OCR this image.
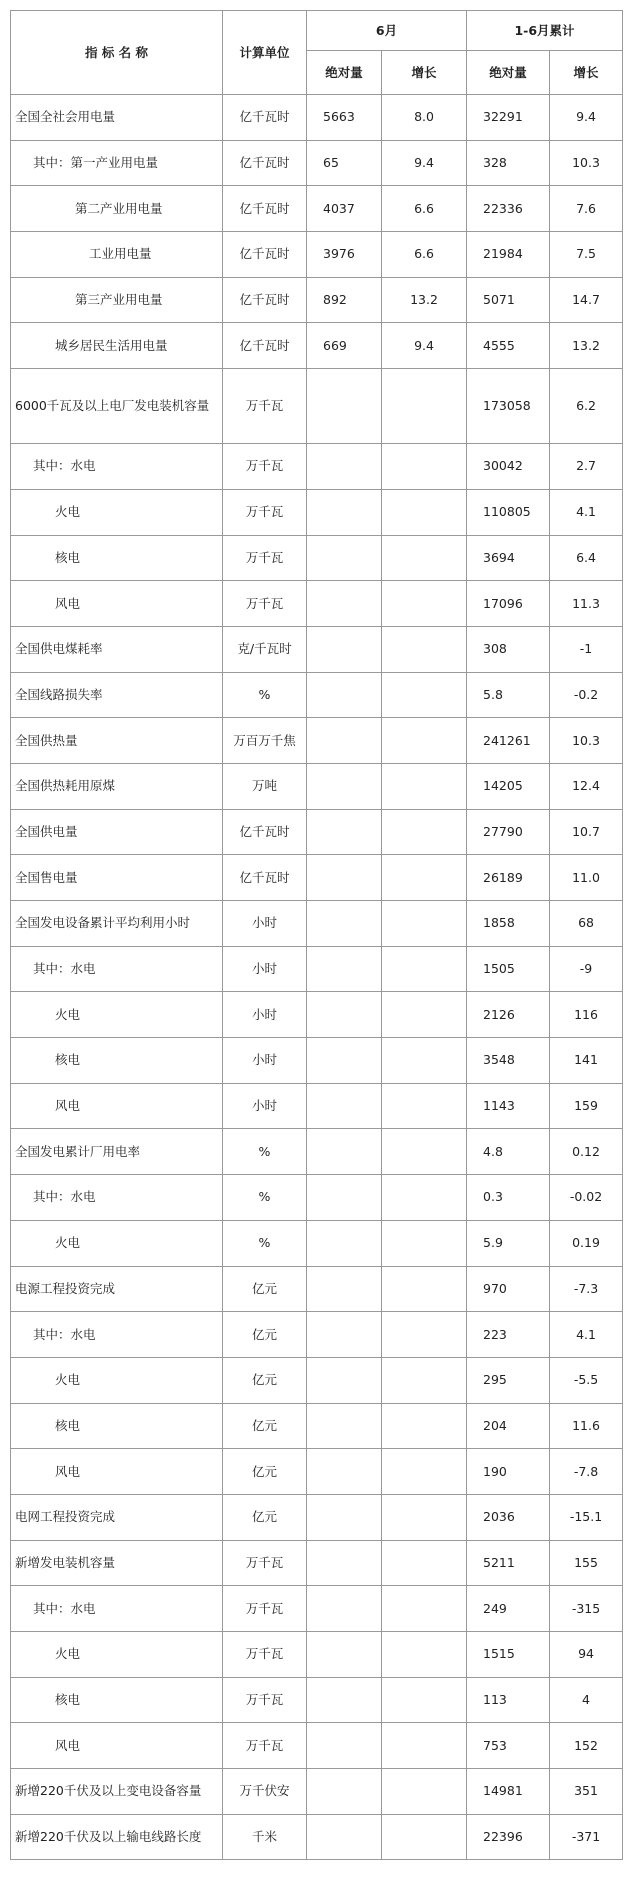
指 标 名 称	计算单位	6月		1-6月累计	
		绝对量	增长	绝对量	增长
全国全社会用电量	亿千瓦时	5663	8.0	32291	9.4
其中：第一产业用电量	亿千瓦时	65	9.4	328	10.3
第二产业用电量	亿千瓦时	4037	6.6	22336	7.6
工业用电量	亿千瓦时	3976	6.6	21984	7.5
第三产业用电量	亿千瓦时	892	13.2	5071	14.7
城乡居民生活用电量	亿千瓦时	669	9.4	4555	13.2
6000千瓦及以上电厂发电装机容量	万千瓦			173058	6.2
其中：水电	万千瓦			30042	2.7
火电	万千瓦			110805	4.1
核电	万千瓦			3694	6.4
风电	万千瓦			17096	11.3
全国供电煤耗率	克/千瓦时			308	-1
全国线路损失率	%			5.8	-0.2
全国供热量	万百万千焦			241261	10.3
全国供热耗用原煤	万吨			14205	12.4
全国供电量	亿千瓦时			27790	10.7
全国售电量	亿千瓦时			26189	11.0
全国发电设备累计平均利用小时	小时			1858	68
其中：水电	小时			1505	-9
火电	小时			2126	116
核电	小时			3548	141
风电	小时			1143	159
全国发电累计厂用电率	%			4.8	0.12
其中：水电	%			0.3	-0.02
火电	%			5.9	0.19
电源工程投资完成	亿元			970	-7.3
其中：水电	亿元			223	4.1
火电	亿元			295	-5.5
核电	亿元			204	11.6
风电	亿元			190	-7.8
电网工程投资完成	亿元			2036	-15.1
新增发电装机容量	万千瓦			5211	155
其中：水电	万千瓦			249	-315
火电	万千瓦			1515	94
核电	万千瓦			113	4
风电	万千瓦			753	152
新增220千伏及以上变电设备容量	万千伏安			14981	351
新增220千伏及以上输电线路长度	千米			22396	-371
